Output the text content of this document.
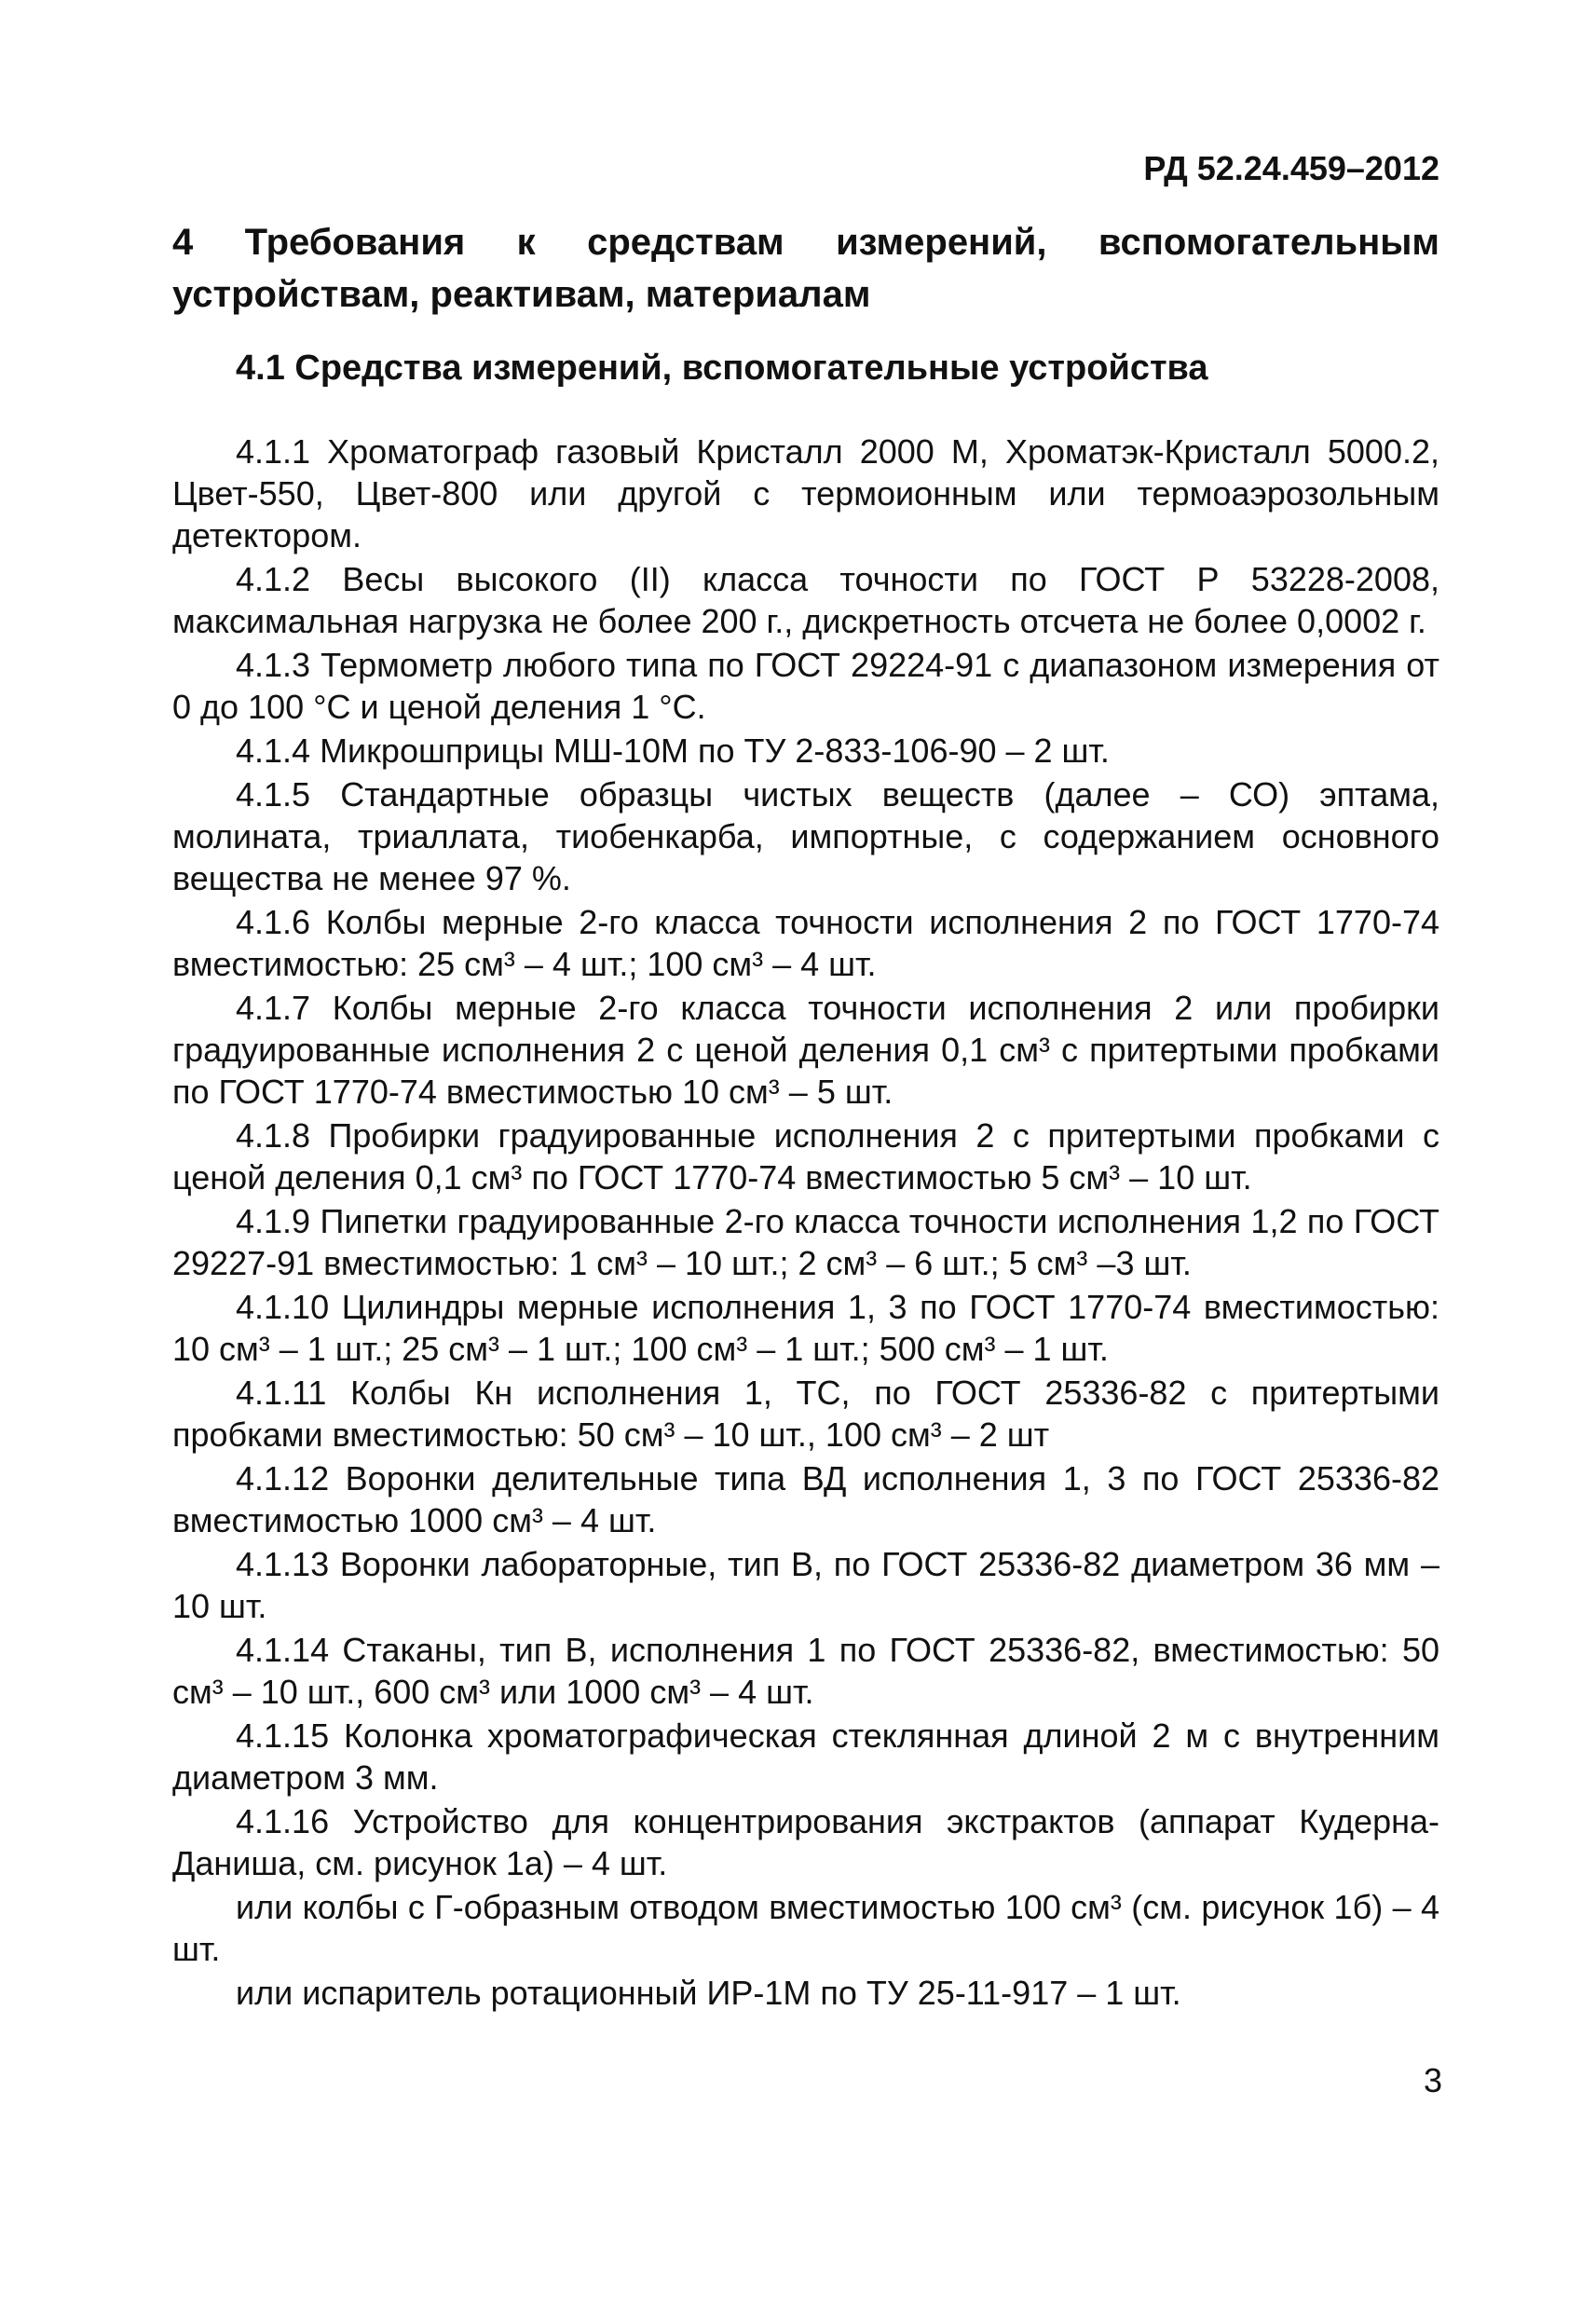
РД 52.24.459–2012
4 Требования к средствам измерений, вспомогательным устройствам, реактивам, материалам
4.1 Средства измерений, вспомогательные устройства

4.1.1 Хроматограф газовый Кристалл 2000 М, Хроматэк-Кристалл 5000.2, Цвет-550, Цвет-800 или другой с термоионным или термоаэрозольным детектором.

4.1.2 Весы высокого (II) класса точности по ГОСТ Р 53228-2008, максимальная нагрузка не более 200 г., дискретность отсчета не более 0,0002 г.

4.1.3 Термометр любого типа по ГОСТ 29224-91 с диапазоном измерения от 0 до 100 °С и ценой деления 1 °С.

4.1.4 Микрошприцы МШ-10М по ТУ 2-833-106-90 – 2 шт.

4.1.5 Стандартные образцы чистых веществ (далее – СО) эптама, молината, триаллата, тиобенкарба, импортные, с содержанием основного вещества не менее 97 %.

4.1.6 Колбы мерные 2-го класса точности исполнения 2 по ГОСТ 1770-74 вместимостью: 25 см³ – 4 шт.; 100 см³ – 4 шт.

4.1.7 Колбы мерные 2-го класса точности исполнения 2 или пробирки градуированные исполнения 2 с ценой деления 0,1 см³ с притертыми пробками по ГОСТ 1770-74 вместимостью 10 см³ – 5 шт.

4.1.8 Пробирки градуированные исполнения 2 с притертыми пробками с ценой деления 0,1 см³ по ГОСТ 1770-74 вместимостью 5 см³ – 10 шт.

4.1.9 Пипетки градуированные 2-го класса точности исполнения 1,2 по ГОСТ 29227-91 вместимостью: 1 см³ – 10 шт.; 2 см³ – 6 шт.; 5 см³ –3 шт.

4.1.10 Цилиндры мерные исполнения 1, 3 по ГОСТ 1770-74 вместимостью: 10 см³ – 1 шт.; 25 см³ – 1 шт.; 100 см³ – 1 шт.; 500 см³ – 1 шт.

4.1.11 Колбы Кн исполнения 1, ТС, по ГОСТ 25336-82 с притертыми пробками вместимостью: 50 см³ – 10 шт., 100 см³ – 2 шт

4.1.12 Воронки делительные типа ВД исполнения 1, 3 по ГОСТ 25336-82 вместимостью 1000 см³ – 4 шт.

4.1.13 Воронки лабораторные, тип В, по ГОСТ 25336-82 диаметром 36 мм – 10 шт.

4.1.14 Стаканы, тип В, исполнения 1 по ГОСТ 25336-82, вместимостью: 50 см³ – 10 шт., 600 см³ или 1000 см³ – 4 шт.

4.1.15 Колонка хроматографическая стеклянная длиной 2 м с внутренним диаметром 3 мм.

4.1.16 Устройство для концентрирования экстрактов (аппарат Кудерна-Даниша, см. рисунок 1а) – 4 шт.

или колбы с Г-образным отводом вместимостью 100 см³ (см. рисунок 1б) – 4 шт.

или испаритель ротационный ИР-1М по ТУ 25-11-917 – 1 шт.

3
